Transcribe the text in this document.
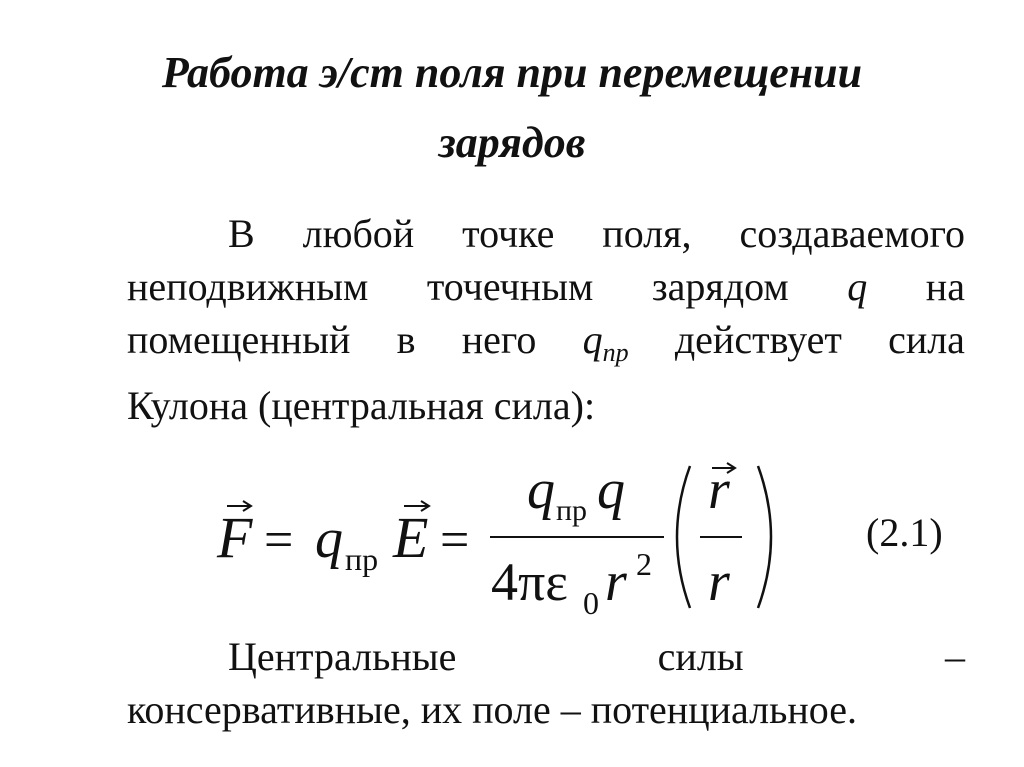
Работа э/ст поля при перемещении
зарядов
В любой точке поля, создаваемого
неподвижным точечным зарядом q на
помещенный в него $q_{пр}$ действует сила
Кулона (центральная сила):
F = q пр E =
q пр q
4πε 0 r 2
r
r
(2.1)
Центральные	силы	–
консервативные, их поле – потенциальное.
